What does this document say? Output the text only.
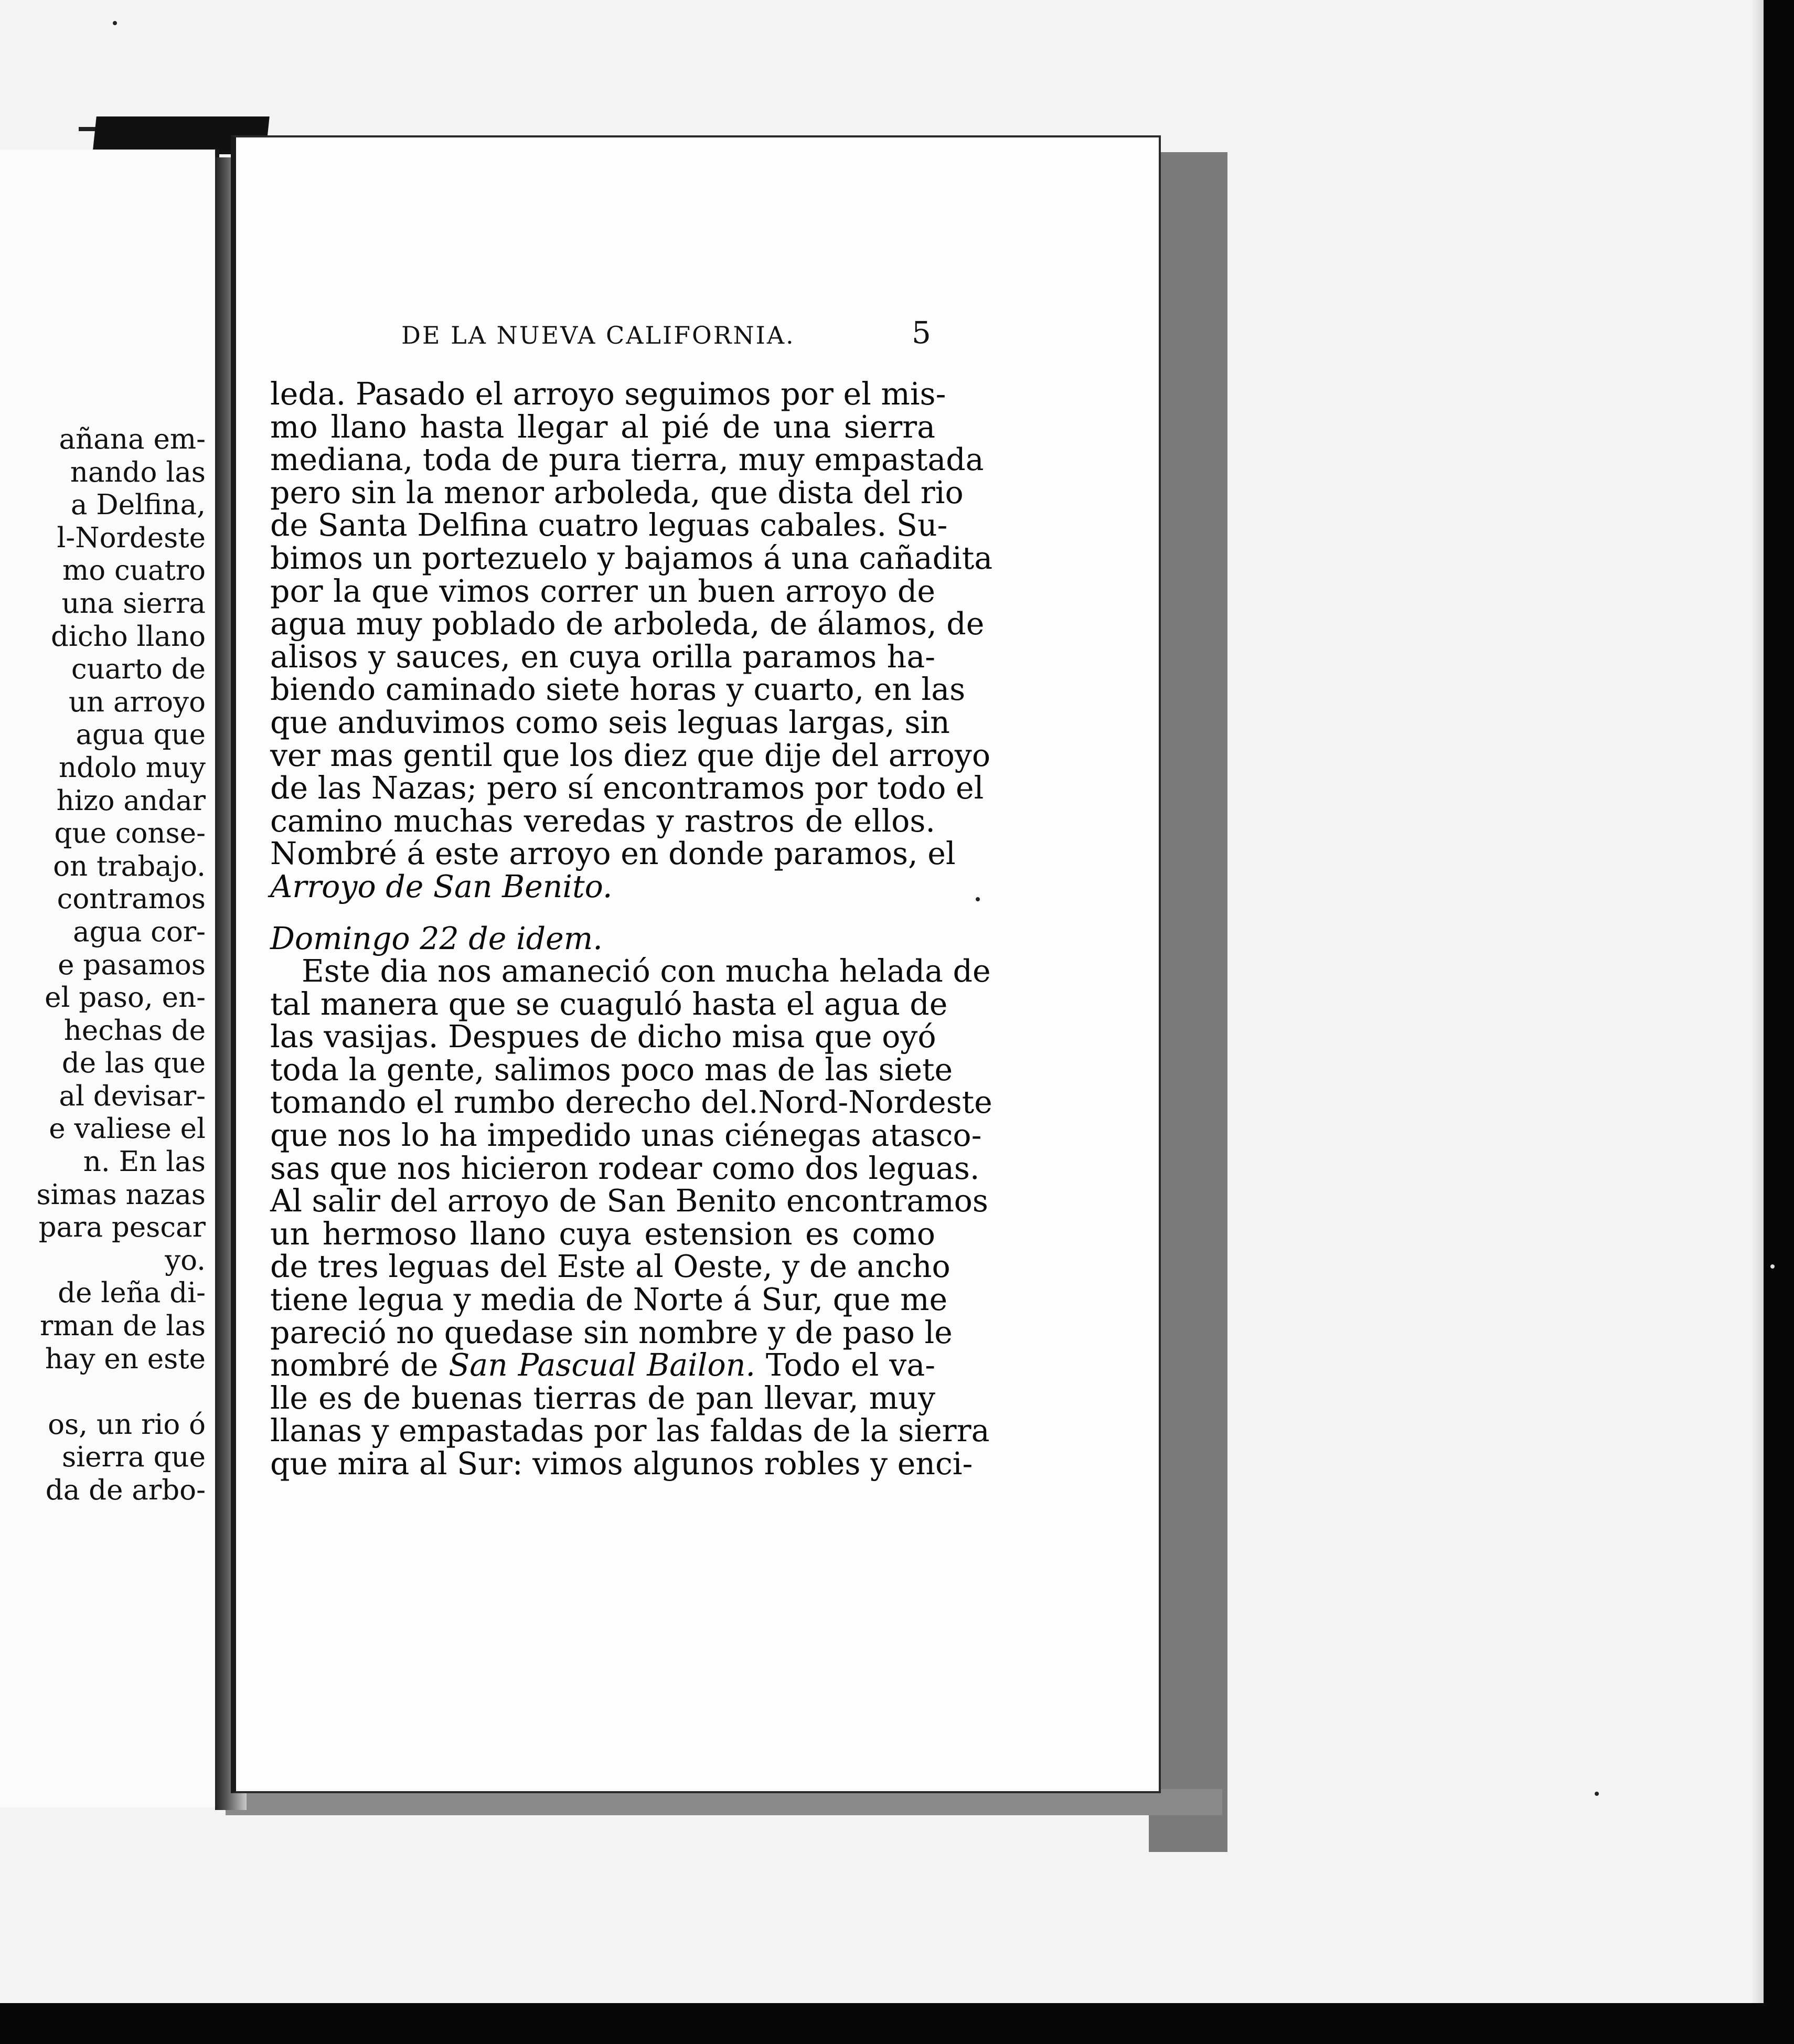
añana em-
nando las
a Delfina,
l-Nordeste
mo cuatro
una sierra
dicho llano
cuarto de
un arroyo
agua que
ndolo muy
hizo andar
que conse-
on trabajo.
contramos
agua cor-
e pasamos
el paso, en-
hechas de
de las que
al devisar-
e valiese el
n. En las
simas nazas
para pescar
yo.
de leña di-
rman de las
hay en este

os, un rio ó
sierra que
da de arbo-
DE LA NUEVA CALIFORNIA.	5
leda. Pasado el arroyo seguimos por el mis-
mo llano hasta llegar al pié de una sierra
mediana, toda de pura tierra, muy empastada
pero sin la menor arboleda, que dista del rio
de Santa Delfina cuatro leguas cabales. Su-
bimos un portezuelo y bajamos á una cañadita
por la que vimos correr un buen arroyo de
agua muy poblado de arboleda, de álamos, de
alisos y sauces, en cuya orilla paramos ha-
biendo caminado siete horas y cuarto, en las
que anduvimos como seis leguas largas, sin
ver mas gentil que los diez que dije del arroyo
de las Nazas; pero sí encontramos por todo el
camino muchas veredas y rastros de ellos.
Nombré á este arroyo en donde paramos, el
Arroyo de San Benito.
Domingo 22 de idem.
Este dia nos amaneció con mucha helada de
tal manera que se cuaguló hasta el agua de
las vasijas. Despues de dicho misa que oyó
toda la gente, salimos poco mas de las siete
tomando el rumbo derecho del.Nord-Nordeste
que nos lo ha impedido unas ciénegas atasco-
sas que nos hicieron rodear como dos leguas.
Al salir del arroyo de San Benito encontramos
un hermoso llano cuya estension es como
de tres leguas del Este al Oeste, y de ancho
tiene legua y media de Norte á Sur, que me
pareció no quedase sin nombre y de paso le
nombré de San Pascual Bailon. Todo el va-
lle es de buenas tierras de pan llevar, muy
llanas y empastadas por las faldas de la sierra
que mira al Sur: vimos algunos robles y enci-
